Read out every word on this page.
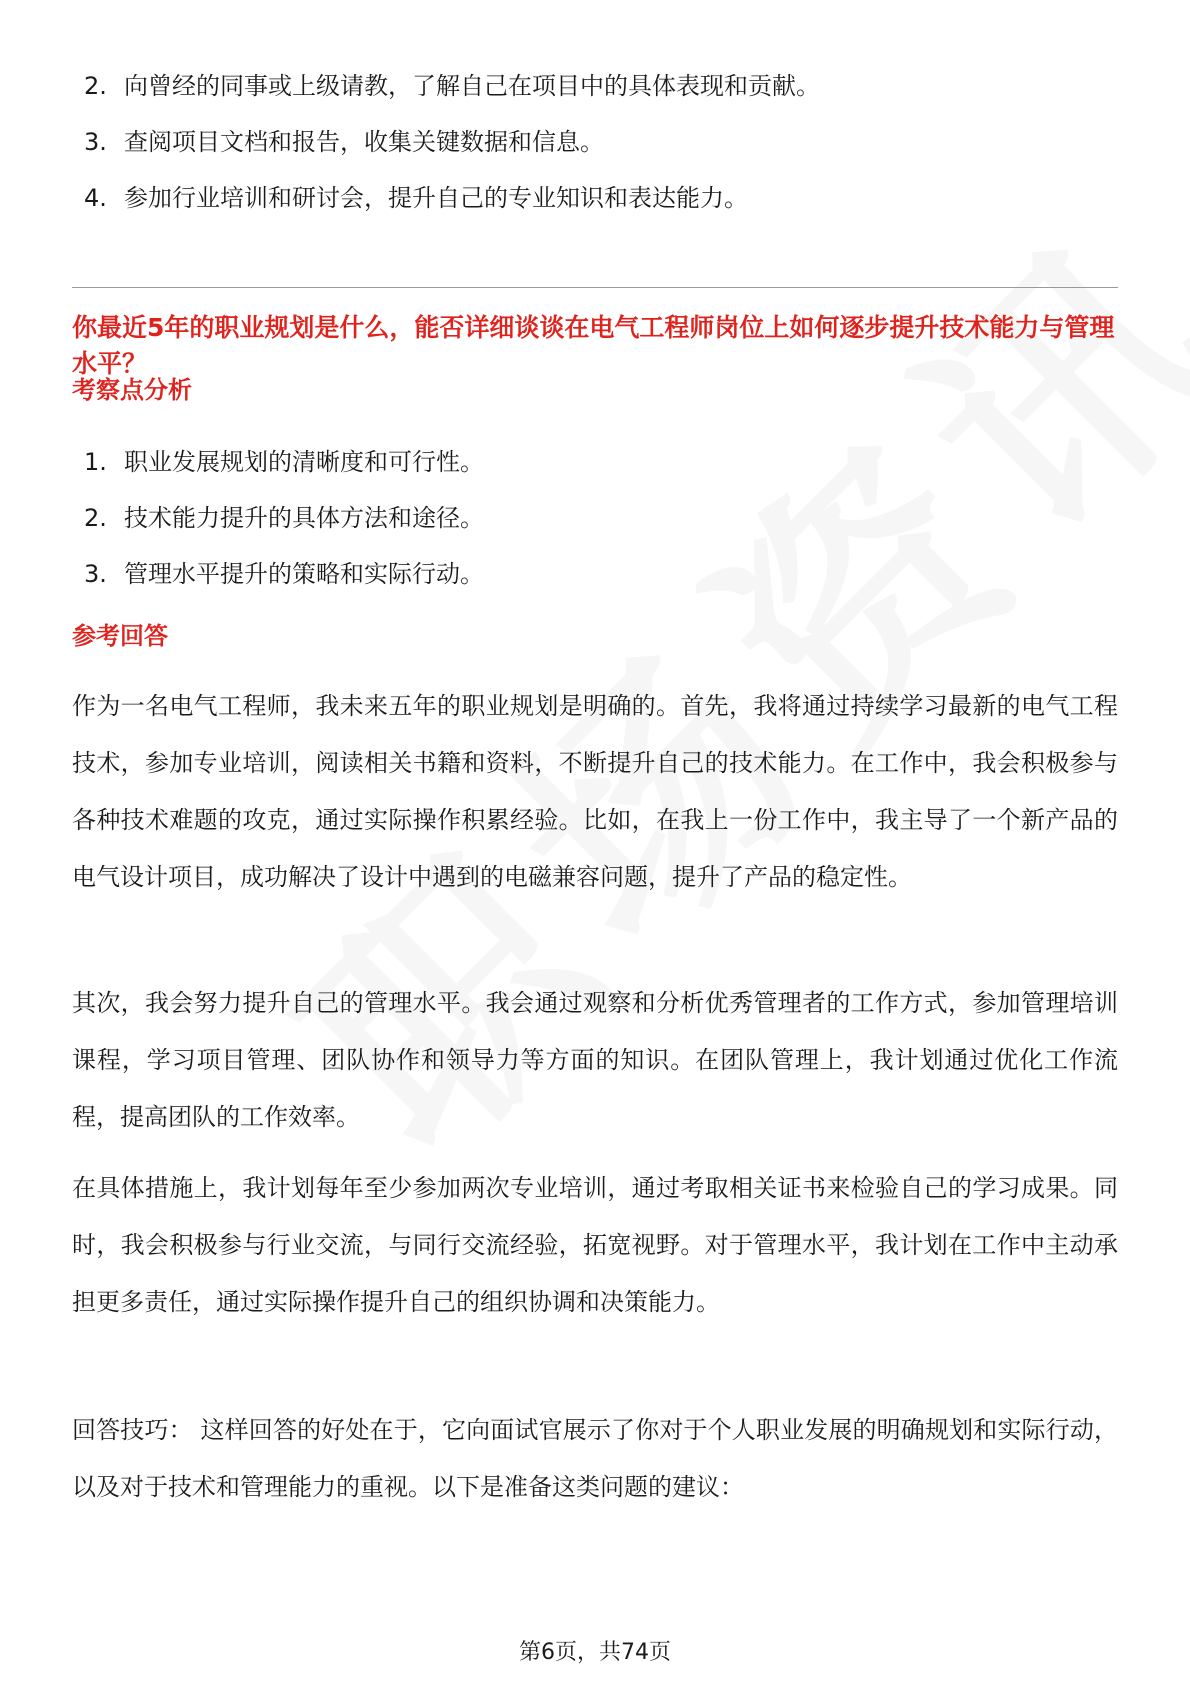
2. 向曾经的同事或上级请教，了解自己在项目中的具体表现和贡献。
3. 查阅项目文档和报告，收集关键数据和信息。
4. 参加行业培训和研讨会，提升自己的专业知识和表达能力。
你最近5年的职业规划是什么，能否详细谈谈在电气工程师岗位上如何逐步提升技术能力与管理水平？
考察点分析
1. 职业发展规划的清晰度和可行性。
2. 技术能力提升的具体方法和途径。
3. 管理水平提升的策略和实际行动。
参考回答

作为一名电气工程师，我未来五年的职业规划是明确的。首先，我将通过持续学习最新的电气工程技术，参加专业培训，阅读相关书籍和资料，不断提升自己的技术能力。在工作中，我会积极参与各种技术难题的攻克，通过实际操作积累经验。比如，在我上一份工作中，我主导了一个新产品的电气设计项目，成功解决了设计中遇到的电磁兼容问题，提升了产品的稳定性。

其次，我会努力提升自己的管理水平。我会通过观察和分析优秀管理者的工作方式，参加管理培训课程，学习项目管理、团队协作和领导力等方面的知识。在团队管理上，我计划通过优化工作流程，提高团队的工作效率。

在具体措施上，我计划每年至少参加两次专业培训，通过考取相关证书来检验自己的学习成果。同时，我会积极参与行业交流，与同行交流经验，拓宽视野。对于管理水平，我计划在工作中主动承担更多责任，通过实际操作提升自己的组织协调和决策能力。

回答技巧： 这样回答的好处在于，它向面试官展示了你对于个人职业发展的明确规划和实际行动，以及对于技术和管理能力的重视。以下是准备这类问题的建议：

第6页，共74页
